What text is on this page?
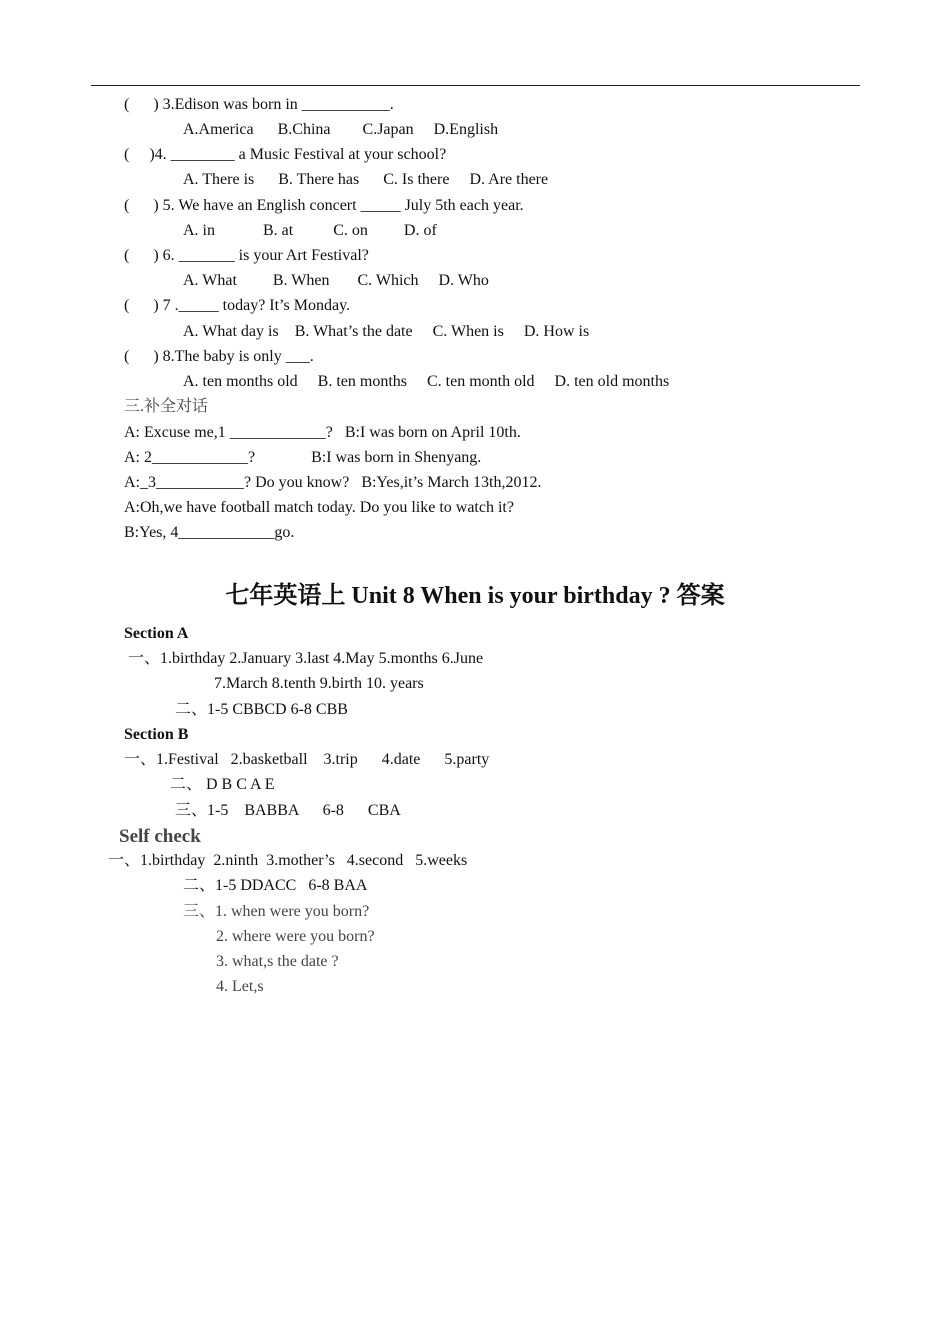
(      ) 3.Edison was born in ___________.
A.America      B.China        C.Japan     D.English
(     )4. ________ a Music Festival at your school?
A. There is      B. There has      C. Is there     D. Are there
(      ) 5. We have an English concert _____ July 5th each year.
A. in            B. at          C. on         D. of
(      ) 6. _______ is your Art Festival?
A. What         B. When       C. Which     D. Who
(      ) 7 ._____ today? It’s Monday.
A. What day is    B. What’s the date     C. When is     D. How is
(      ) 8.The baby is only ___.
A. ten months old     B. ten months     C. ten month old     D. ten old months
三.补全对话
A: Excuse me,1 ____________?   B:I was born on April 10th.
A: 2____________?              B:I was born in Shenyang.
A:_3___________? Do you know?   B:Yes,it’s March 13th,2012.
A:Oh,we have football match today. Do you like to watch it?
B:Yes, 4____________go.
七年英语上 Unit 8 When is your birthday ? 答案
Section A
一、1.birthday 2.January 3.last 4.May 5.months 6.June
7.March 8.tenth 9.birth 10. years
二、1-5 CBBCD 6-8 CBB
Section B
一、1.Festival   2.basketball    3.trip      4.date      5.party
二、 D B C A E
三、1-5    BABBA      6-8      CBA
Self check
一、1.birthday  2.ninth  3.mother’s   4.second   5.weeks
二、1-5 DDACC   6-8 BAA
三、1. when were you born?
2. where were you born?
3. what,s the date ?
4. Let,s
